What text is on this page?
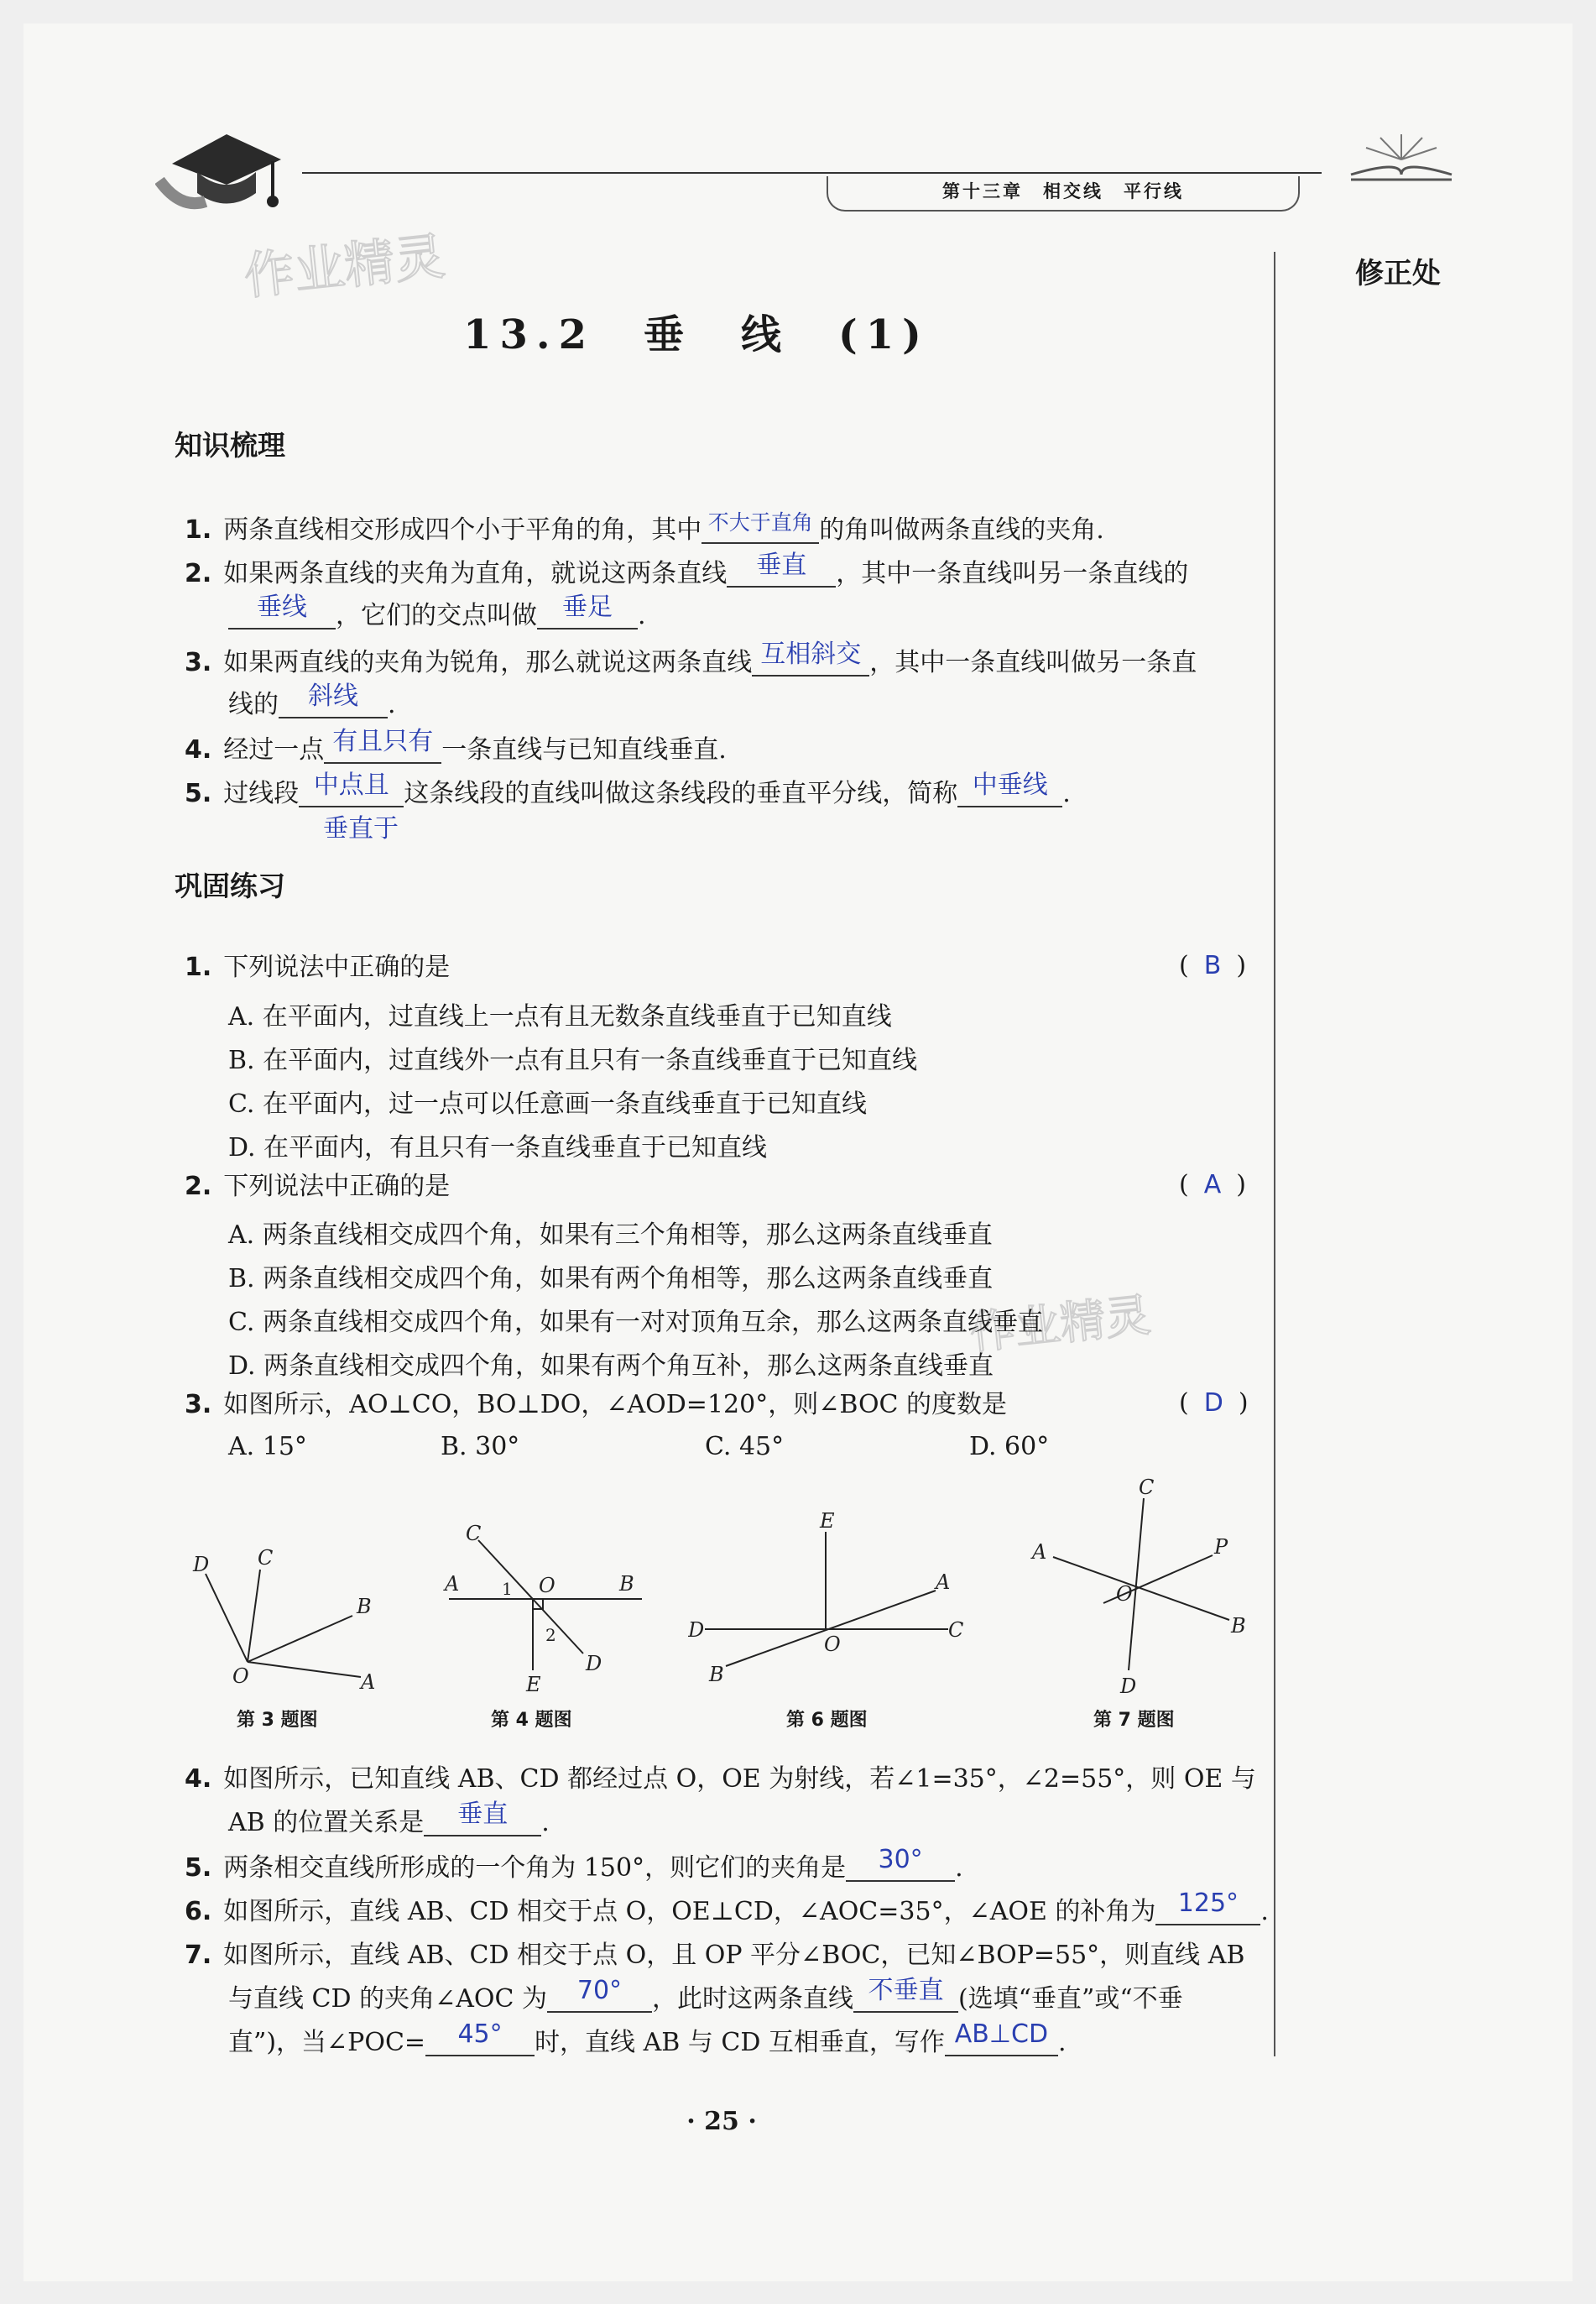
第十三章　相交线　平行线
修正处
作业精灵
作业精灵
13.2　垂　线　(1)
知识梳理
1. 两条直线相交形成四个小于平角的角，其中 $^{不大于直角}$ 的角叫做两条直线的夹角.
2. 如果两条直线的夹角为直角，就说这两条直线 垂直 ，其中一条直线叫另一条直线的
垂线 ，它们的交点叫做 垂足 .
3. 如果两直线的夹角为锐角，那么就说这两条直线 互相斜交 ，其中一条直线叫做另一条直
线的 斜线 .
4. 经过一点 有且只有 一条直线与已知直线垂直.
5. 过线段 中点且 这条线段的直线叫做这条线段的垂直平分线，简称 中垂线 .
垂直于
巩固练习
1. 下列说法中正确的是	( B )
A. 在平面内，过直线上一点有且无数条直线垂直于已知直线
B. 在平面内，过直线外一点有且只有一条直线垂直于已知直线
C. 在平面内，过一点可以任意画一条直线垂直于已知直线
D. 在平面内，有且只有一条直线垂直于已知直线
2. 下列说法中正确的是	( A )
A. 两条直线相交成四个角，如果有三个角相等，那么这两条直线垂直
B. 两条直线相交成四个角，如果有两个角相等，那么这两条直线垂直
C. 两条直线相交成四个角，如果有一对对顶角互余，那么这两条直线垂直
D. 两条直线相交成四个角，如果有两个角互补，那么这两条直线垂直
3. 如图所示，AO⊥CO，BO⊥DO，∠AOD=120°，则∠BOC 的度数是	( D )
A. 15°	B. 30°	C. 45°	D. 60°
D C
B
O	A
C
A	1 O	B
2
E
D
E
A
D
O
C
B
C
A	P
O
B
D
第 3 题图	第 4 题图	第 6 题图	第 7 题图
4. 如图所示，已知直线 AB、CD 都经过点 O，OE 为射线，若∠1=35°，∠2=55°，则 OE 与
AB 的位置关系是 垂直 .
5. 两条相交直线所形成的一个角为 150°，则它们的夹角是 30° .
6. 如图所示，直线 AB、CD 相交于点 O，OE⊥CD，∠AOC=35°，∠AOE 的补角为 125° .
7. 如图所示，直线 AB、CD 相交于点 O，且 OP 平分∠BOC，已知∠BOP=55°，则直线 AB
与直线 CD 的夹角∠AOC 为 70° ，此时这两条直线 不垂直 (选填“垂直”或“不垂
直”)，当∠POC= 45° 时，直线 AB 与 CD 互相垂直，写作 AB⊥CD .
· 25 ·
